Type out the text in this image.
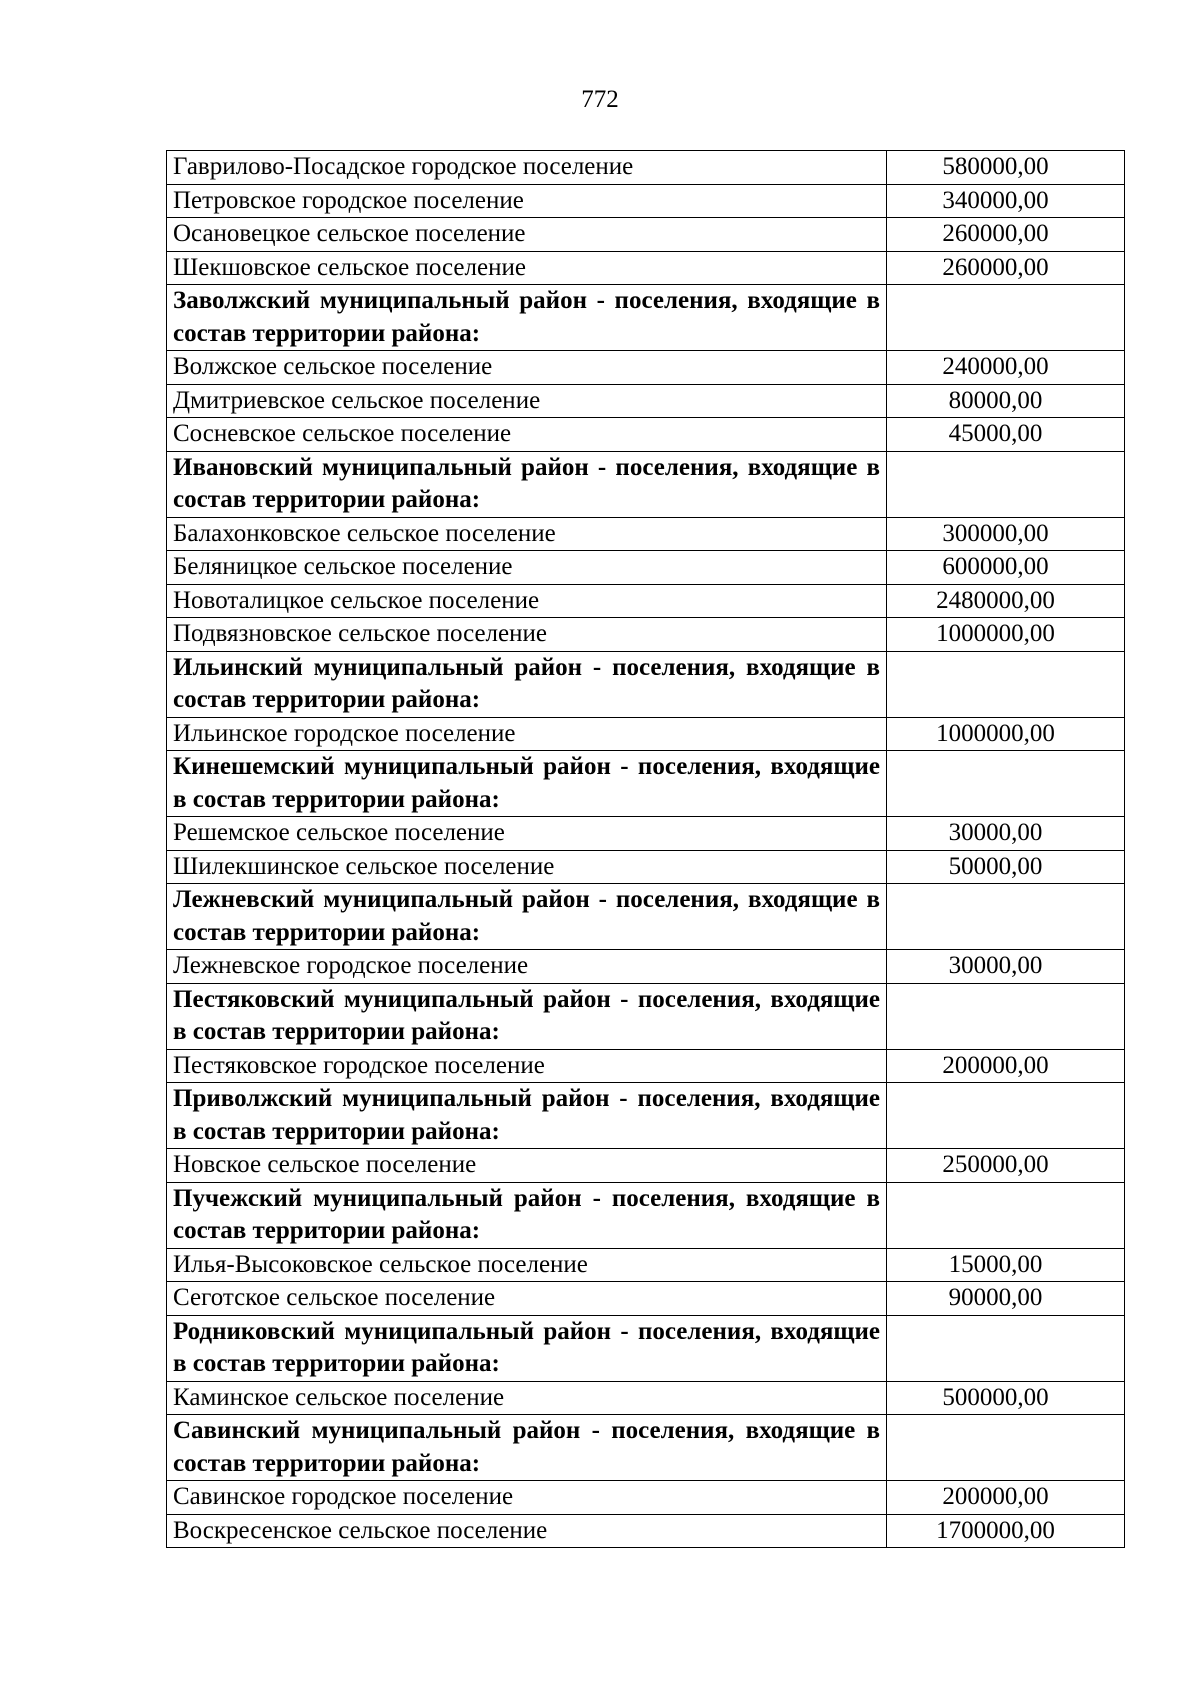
772
Гаврилово-Посадское городское поселение	580000,00
Петровское городское поселение	340000,00
Осановецкое сельское поселение	260000,00
Шекшовское сельское поселение	260000,00
Заволжский муниципальный район - поселения, входящие в состав территории района:	
Волжское сельское поселение	240000,00
Дмитриевское сельское поселение	80000,00
Сосневское сельское поселение	45000,00
Ивановский муниципальный район - поселения, входящие в состав территории района:	
Балахонковское сельское поселение	300000,00
Беляницкое сельское поселение	600000,00
Новоталицкое сельское поселение	2480000,00
Подвязновское сельское поселение	1000000,00
Ильинский муниципальный район - поселения, входящие в состав территории района:	
Ильинское городское поселение	1000000,00
Кинешемский муниципальный район - поселения, входящие в состав территории района:	
Решемское сельское поселение	30000,00
Шилекшинское сельское поселение	50000,00
Лежневский муниципальный район - поселения, входящие в состав территории района:	
Лежневское городское поселение	30000,00
Пестяковский муниципальный район - поселения, входящие в состав территории района:	
Пестяковское городское поселение	200000,00
Приволжский муниципальный район - поселения, входящие в состав территории района:	
Новское сельское поселение	250000,00
Пучежский муниципальный район - поселения, входящие в состав территории района:	
Илья-Высоковское сельское поселение	15000,00
Сеготское сельское поселение	90000,00
Родниковский муниципальный район - поселения, входящие в состав территории района:	
Каминское сельское поселение	500000,00
Савинский муниципальный район - поселения, входящие в состав территории района:	
Савинское городское поселение	200000,00
Воскресенское сельское поселение	1700000,00
